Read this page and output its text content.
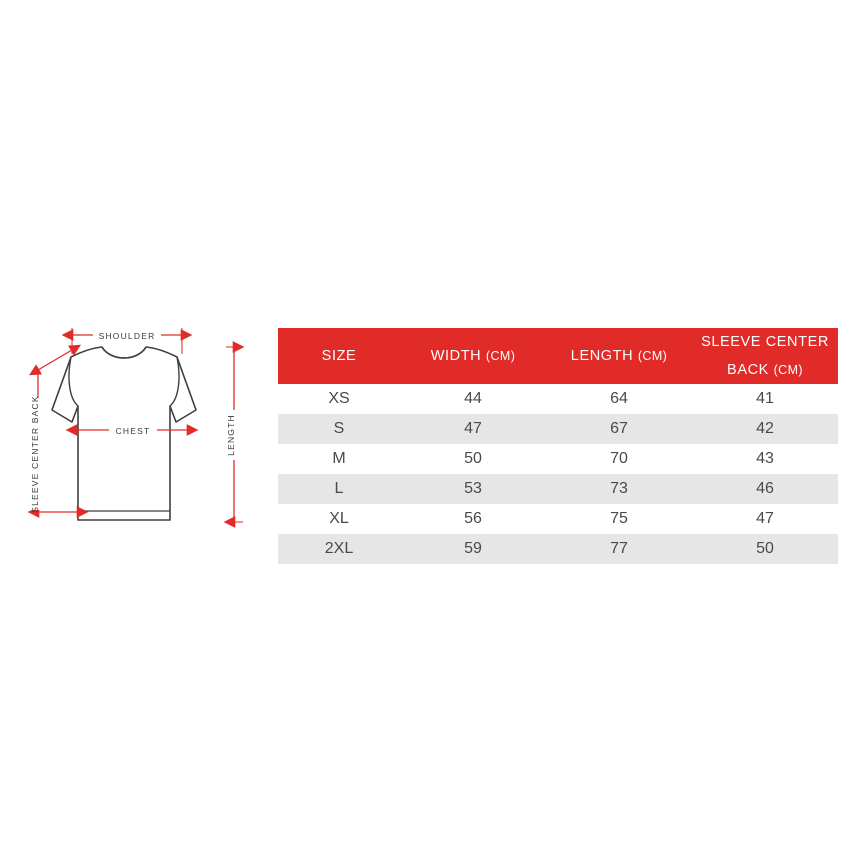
SHOULDER
CHEST	LENGTH
SLEEVE CENTER BACK
SIZE	WIDTH (CM)	LENGTH (CM)	SLEEVE CENTER BACK (CM)
XS	44	64	41
S	47	67	42
M	50	70	43
L	53	73	46
XL	56	75	47
2XL	59	77	50
